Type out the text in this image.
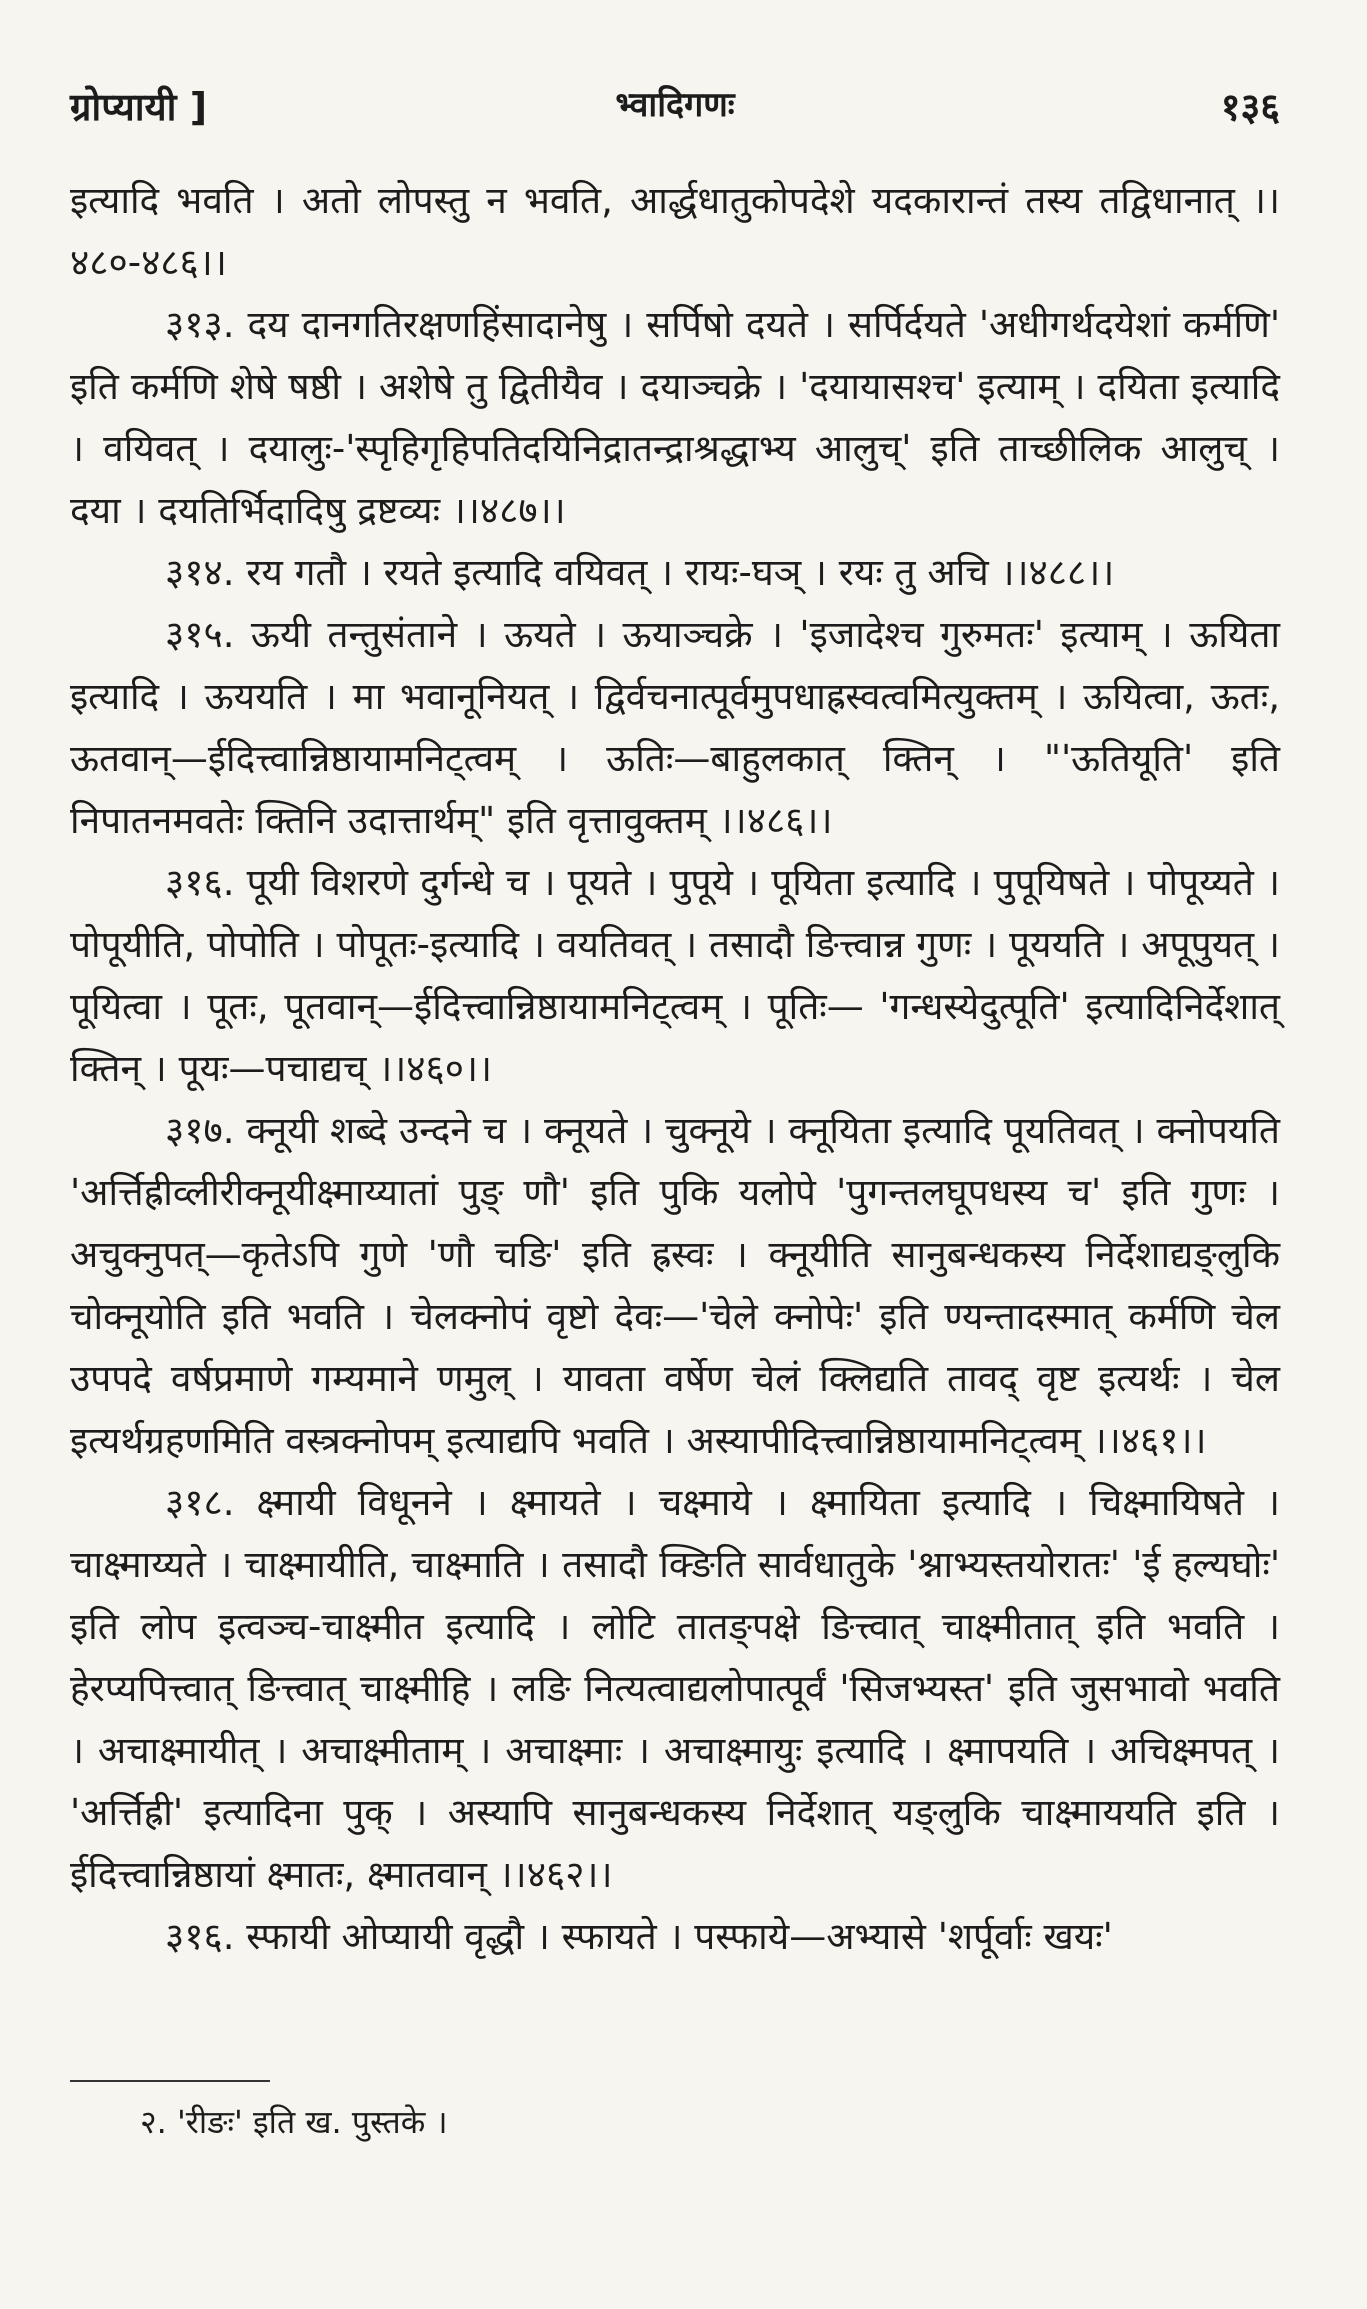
ग्रोप्यायी ]	भ्वादिगणः	१३६

इत्यादि भवति । अतो लोपस्तु न भवति, आर्द्धधातुकोपदेशे यदकारान्तं तस्य तद्विधानात् ।।४८०-४८६।।

३१३. दय दानगतिरक्षणहिंसादानेषु । सर्पिषो दयते । सर्पिर्दयते 'अधीगर्थदयेशां कर्मणि' इति कर्मणि शेषे षष्ठी । अशेषे तु द्वितीयैव । दयाञ्चक्रे । 'दयायासश्च' इत्याम् । दयिता इत्यादि । वयिवत् । दयालुः-'स्पृहिगृहिपतिदयिनिद्रातन्द्राश्रद्धाभ्य आलुच्' इति ताच्छीलिक आलुच् । दया । दयतिर्भिदादिषु द्रष्टव्यः ।।४८७।।

३१४. रय गतौ । रयते इत्यादि वयिवत् । रायः-घञ् । रयः तु अचि ।।४८८।।

३१५. ऊयी तन्तुसंताने । ऊयते । ऊयाञ्चक्रे । 'इजादेश्च गुरुमतः' इत्याम् । ऊयिता इत्यादि । ऊययति । मा भवानूनियत् । द्विर्वचनात्पूर्वमुपधाह्रस्वत्वमित्युक्तम् । ऊयित्वा, ऊतः, ऊतवान्—ईदित्त्वान्निष्ठायामनिट्त्वम् । ऊतिः—बाहुलकात् क्तिन् । "'ऊतियूति' इति निपातनमवतेः क्तिनि उदात्तार्थम्" इति वृत्तावुक्तम् ।।४८६।।

३१६. पूयी विशरणे दुर्गन्धे च । पूयते । पुपूये । पूयिता इत्यादि । पुपूयिषते । पोपूय्यते । पोपूयीति, पोपोति । पोपूतः-इत्यादि । वयतिवत् । तसादौ ङित्त्वान्न गुणः । पूययति । अपूपुयत् । पूयित्वा । पूतः, पूतवान्—ईदित्त्वान्निष्ठायामनिट्त्वम् । पूतिः— 'गन्धस्येदुत्पूति' इत्यादिनिर्देशात् क्तिन् । पूयः—पचाद्यच् ।।४६०।।

३१७. क्नूयी शब्दे उन्दने च । क्नूयते । चुक्नूये । क्नूयिता इत्यादि पूयतिवत् । क्नोपयति 'अर्त्तिह्रीव्लीरीक्नूयीक्ष्माय्यातां पुङ् णौ' इति पुकि यलोपे 'पुगन्तलघूपधस्य च' इति गुणः । अचुक्नुपत्—कृतेऽपि गुणे 'णौ चङि' इति ह्रस्वः । क्नूयीति सानुबन्धकस्य निर्देशाद्यङ्लुकि चोक्नूयोति इति भवति । चेलक्नोपं वृष्टो देवः—'चेले क्नोपेः' इति ण्यन्तादस्मात् कर्मणि चेल उपपदे वर्षप्रमाणे गम्यमाने णमुल् । यावता वर्षेण चेलं क्लिद्यति तावद् वृष्ट इत्यर्थः । चेल इत्यर्थग्रहणमिति वस्त्रक्नोपम् इत्याद्यपि भवति । अस्यापीदित्त्वान्निष्ठायामनिट्त्वम् ।।४६१।।

३१८. क्ष्मायी विधूनने । क्ष्मायते । चक्ष्माये । क्ष्मायिता इत्यादि । चिक्ष्मायिषते । चाक्ष्माय्यते । चाक्ष्मायीति, चाक्ष्माति । तसादौ क्ङिति सार्वधातुके 'श्नाभ्यस्तयोरातः' 'ई हल्यघोः' इति लोप इत्वञ्च-चाक्ष्मीत इत्यादि । लोटि तातङ्पक्षे ङित्त्वात् चाक्ष्मीतात् इति भवति । हेरप्यपित्त्वात् ङित्त्वात् चाक्ष्मीहि । लङि नित्यत्वाद्यलोपात्पूर्वं 'सिजभ्यस्त' इति जुसभावो भवति । अचाक्ष्मायीत् । अचाक्ष्मीताम् । अचाक्ष्माः । अचाक्ष्मायुः इत्यादि । क्ष्मापयति । अचिक्ष्मपत् । 'अर्त्तिह्री' इत्यादिना पुक् । अस्यापि सानुबन्धकस्य निर्देशात् यङ्लुकि चाक्ष्माययति इति । ईदित्त्वान्निष्ठायां क्ष्मातः, क्ष्मातवान् ।।४६२।।

३१६. स्फायी ओप्यायी वृद्धौ । स्फायते । पस्फाये—अभ्यासे 'शर्पूर्वाः खयः'

२. 'रीङः' इति ख. पुस्तके ।
